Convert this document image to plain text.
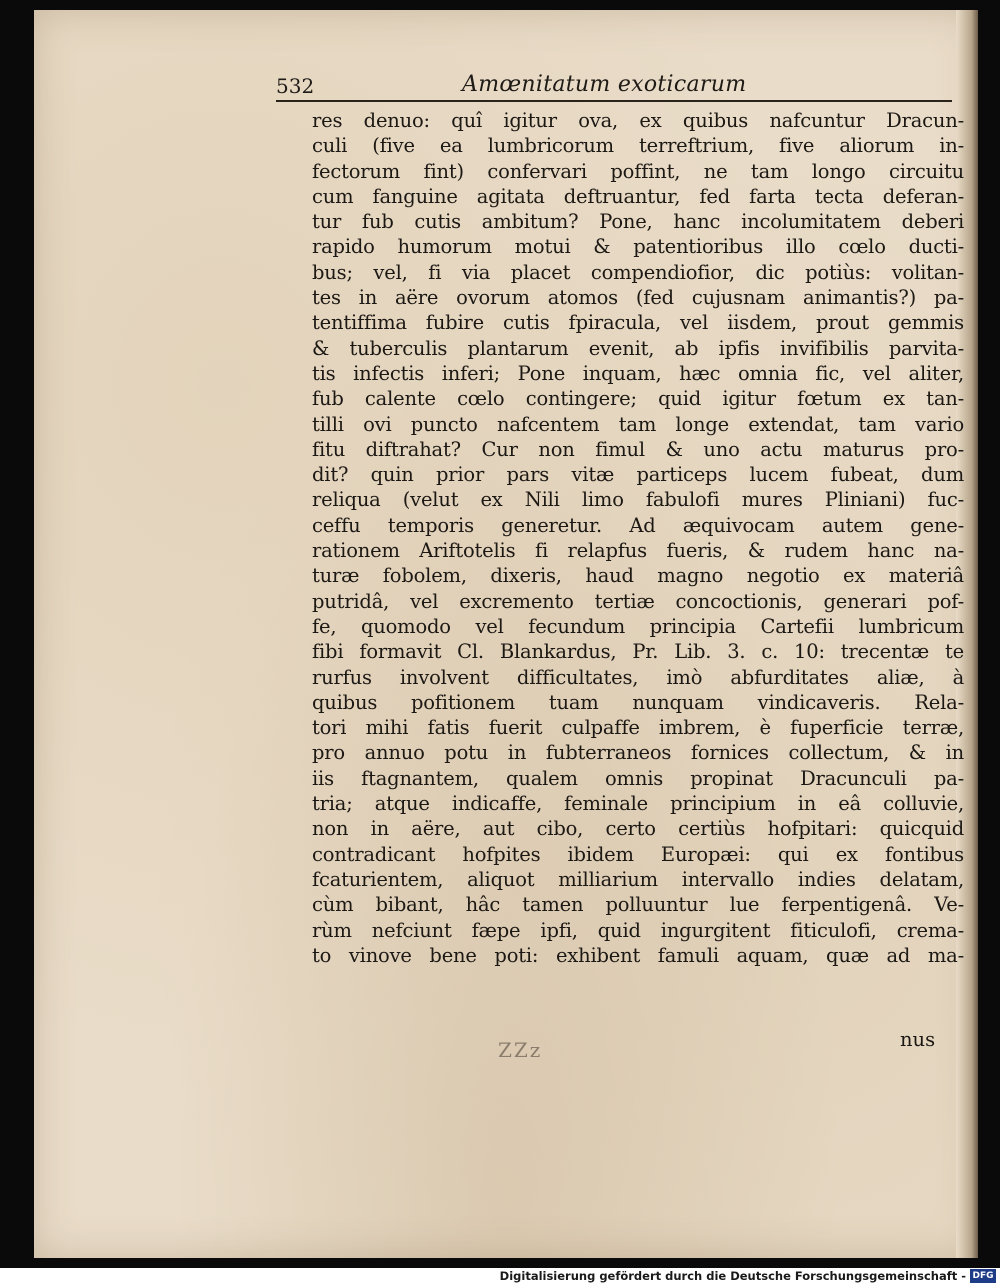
532	Amœnitatum exoticarum
res denuo: quî igitur ova, ex quibus nafcuntur Dracun-
culi (five ea lumbricorum terreftrium, five aliorum in-
fectorum fint) confervari poffint, ne tam longo circuitu
cum fanguine agitata deftruantur, fed farta tecta deferan-
tur fub cutis ambitum? Pone, hanc incolumitatem deberi
rapido humorum motui & patentioribus illo cœlo ducti-
bus; vel, fi via placet compendiofior, dic potiùs: volitan-
tes in aëre ovorum atomos (fed cujusnam animantis?) pa-
tentiffima fubire cutis fpiracula, vel iisdem, prout gemmis
& tuberculis plantarum evenit, ab ipfis invifibilis parvita-
tis infectis inferi; Pone inquam, hæc omnia fic, vel aliter,
fub calente cœlo contingere; quid igitur fœtum ex tan-
tilli ovi puncto nafcentem tam longe extendat, tam vario
fitu diftrahat? Cur non fimul & uno actu maturus pro-
dit? quin prior pars vitæ particeps lucem fubeat, dum
reliqua (velut ex Nili limo fabulofi mures Pliniani) fuc-
ceffu temporis generetur. Ad æquivocam autem gene-
rationem Ariftotelis fi relapfus fueris, & rudem hanc na-
turæ fobolem, dixeris, haud magno negotio ex materiâ
putridâ, vel excremento tertiæ concoctionis, generari pof-
fe, quomodo vel fecundum principia Cartefii lumbricum
fibi formavit Cl. Blankardus, Pr. Lib. 3. c. 10: trecentæ te
rurfus involvent difficultates, imò abfurditates aliæ, à
quibus pofitionem tuam nunquam vindicaveris. Rela-
tori mihi fatis fuerit culpaffe imbrem, è fuperficie terræ,
pro annuo potu in fubterraneos fornices collectum, & in
iis ftagnantem, qualem omnis propinat Dracunculi pa-
tria; atque indicaffe, feminale principium in eâ colluvie,
non in aëre, aut cibo, certo certiùs hofpitari: quicquid
contradicant hofpites ibidem Europæi: qui ex fontibus
fcaturientem, aliquot milliarium intervallo indies delatam,
cùm bibant, hâc tamen polluuntur lue ferpentigenâ. Ve-
rùm nefciunt fæpe ipfi, quid ingurgitent fiticulofi, crema-
to vinove bene poti: exhibent famuli aquam, quæ ad ma-
ZZz	nus
Digitalisierung gefördert durch die Deutsche Forschungsgemeinschaft - DFG
